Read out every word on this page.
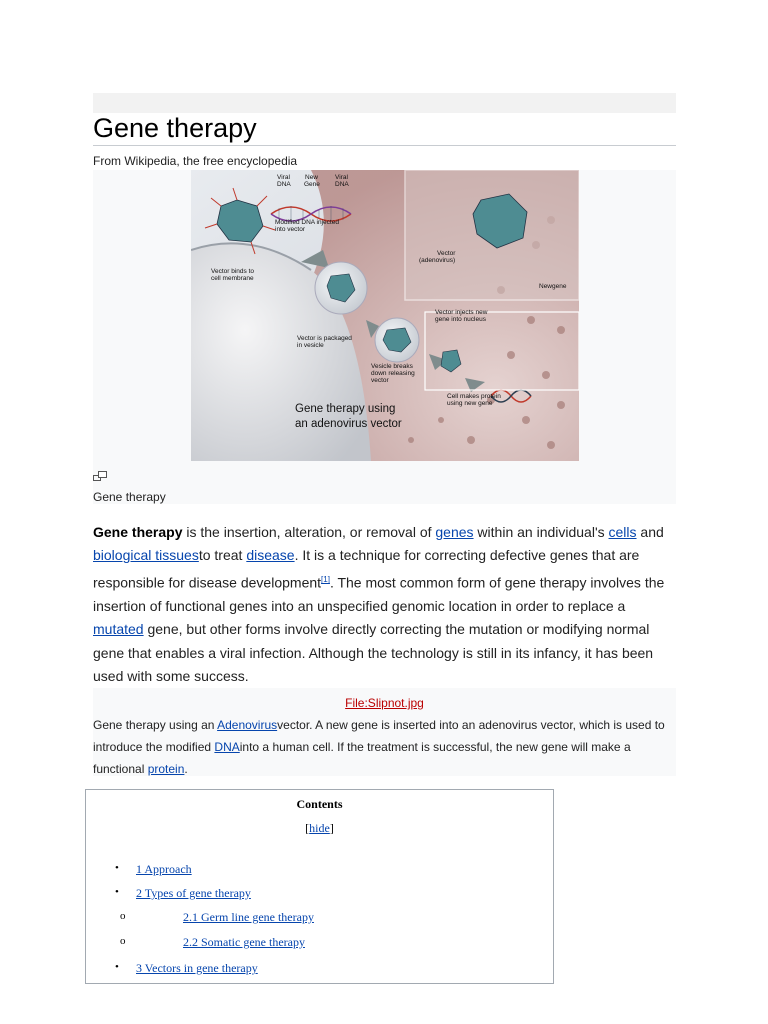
Gene therapy
From Wikipedia, the free encyclopedia
Viral DNA
New Gene
Viral DNA
Modified DNA injected into vector
Vector binds to cell membrane
Vector (adenovirus)
Newgene
Vector injects new gene into nucleus
Vector is packaged in vesicle
Vesicle breaks down releasing vector
Cell makes protein using new gene
Gene therapy using an adenovirus vector
Gene therapy
Gene therapy is the insertion, alteration, or removal of genes within an individual's cells and biological tissuesto treat disease. It is a technique for correcting defective genes that are responsible for disease development[1]. The most common form of gene therapy involves the insertion of functional genes into an unspecified genomic location in order to replace a mutated gene, but other forms involve directly correcting the mutation or modifying normal gene that enables a viral infection. Although the technology is still in its infancy, it has been used with some success.
File:Slipnot.jpg
Gene therapy using an Adenovirusvector. A new gene is inserted into an adenovirus vector, which is used to introduce the modified DNAinto a human cell. If the treatment is successful, the new gene will make a functional protein.
Contents
[hide]
• 1 Approach
• 2 Types of gene therapy
o	2.1 Germ line gene therapy
o	2.2 Somatic gene therapy
• 3 Vectors in gene therapy
